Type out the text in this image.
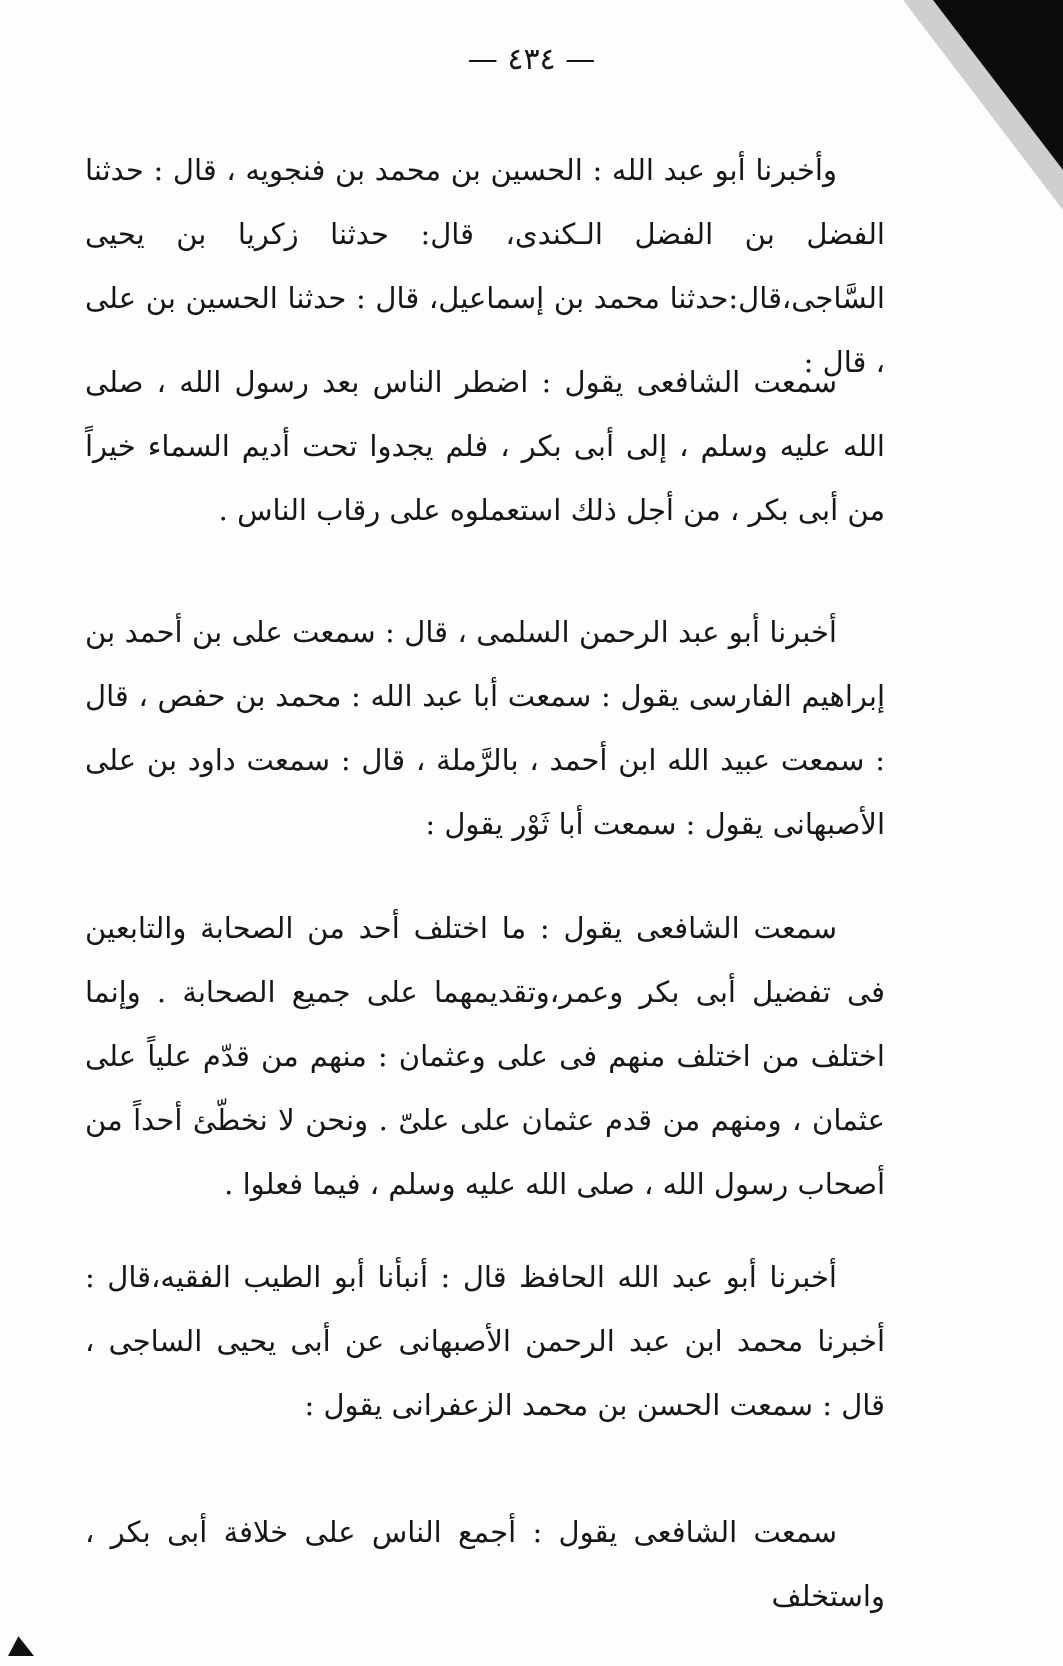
— ٤٣٤ —

وأخبرنا أبو عبد الله : الحسين بن محمد بن فنجويه ، قال : حدثنا الفضل بن الفضل الـكندى، قال: حدثنا زكريا بن يحيى السَّاجى،قال:حدثنا محمد بن إسماعيل، قال : حدثنا الحسين بن على ، قال :

سمعت الشافعى يقول : اضطر الناس بعد رسول الله ، صلى الله عليه وسلم ، إلى أبى بكر ، فلم يجدوا تحت أديم السماء خيراً من أبى بكر ، من أجل ذلك استعملوه على رقاب الناس .

أخبرنا أبو عبد الرحمن السلمى ، قال : سمعت على بن أحمد بن إبراهيم الفارسى يقول : سمعت أبا عبد الله : محمد بن حفص ، قال : سمعت عبيد الله ابن أحمد ، بالرَّملة ، قال : سمعت داود بن على الأصبهانى يقول : سمعت أبا ثَوْر يقول :

سمعت الشافعى يقول : ما اختلف أحد من الصحابة والتابعين فى تفضيل أبى بكر وعمر،وتقديمهما على جميع الصحابة . وإنما اختلف من اختلف منهم فى على وعثمان : منهم من قدّم علياً على عثمان ، ومنهم من قدم عثمان على علىّ . ونحن لا نخطّئ أحداً من أصحاب رسول الله ، صلى الله عليه وسلم ، فيما فعلوا .

أخبرنا أبو عبد الله الحافظ قال : أنبأنا أبو الطيب الفقيه،قال : أخبرنا محمد ابن عبد الرحمن الأصبهانى عن أبى يحيى الساجى ، قال : سمعت الحسن بن محمد الزعفرانى يقول :

سمعت الشافعى يقول : أجمع الناس على خلافة أبى بكر ، واستخلف
